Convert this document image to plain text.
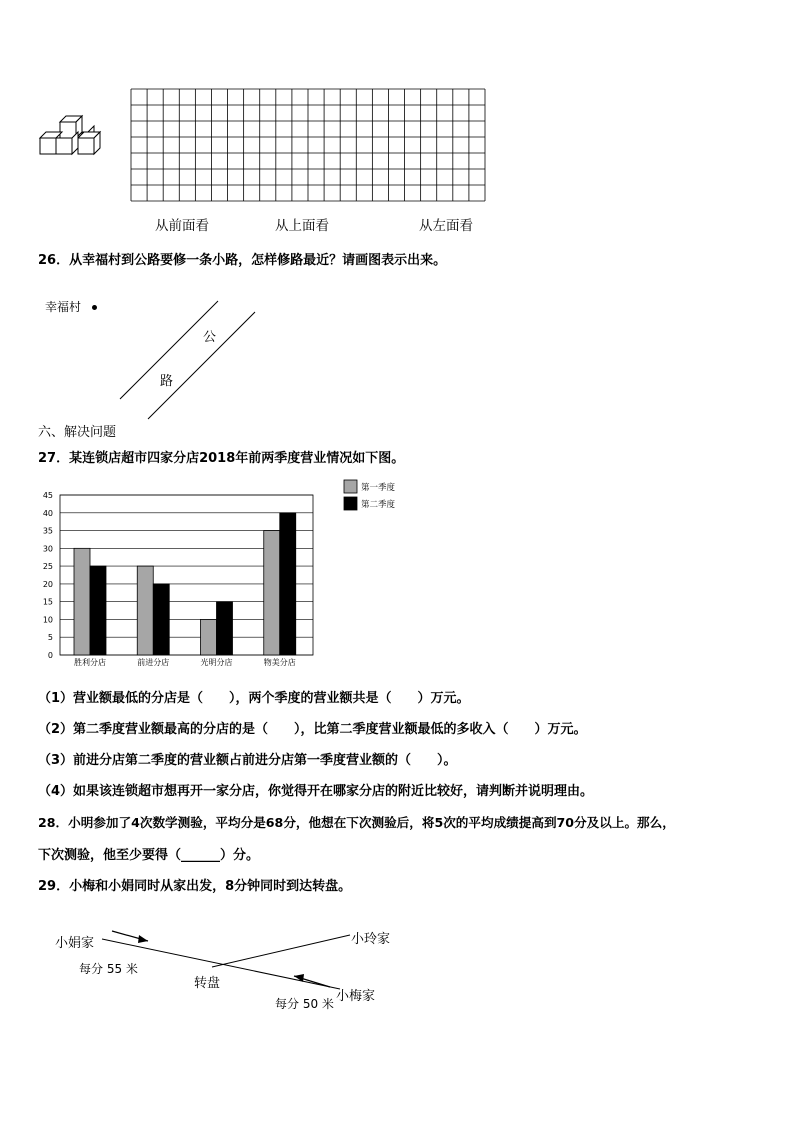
从前面看	从上面看	从左面看
26．从幸福村到公路要修一条小路，怎样修路最近？请画图表示出来。
幸福村
公
路
六、解决问题
27．某连锁店超市四家分店2018年前两季度营业情况如下图。
0
5
10
15
20
25
30
35
40
45
胜利分店	前进分店	光明分店	物美分店
第一季度
第二季度
（1）营业额最低的分店是（　　），两个季度的营业额共是（　　）万元。
（2）第二季度营业额最高的分店的是（　　），比第二季度营业额最低的多收入（　　）万元。
（3）前进分店第二季度的营业额占前进分店第一季度营业额的（　　）。
（4）如果该连锁超市想再开一家分店，你觉得开在哪家分店的附近比较好，请判断并说明理由。
28．小明参加了4次数学测验，平均分是68分，他想在下次测验后，将5次的平均成绩提高到70分及以上。那么，
下次测验，他至少要得（______）分。
29．小梅和小娟同时从家出发，8分钟同时到达转盘。
小娟家	小玲家
每分 55 米
转盘
小梅家
每分 50 米
